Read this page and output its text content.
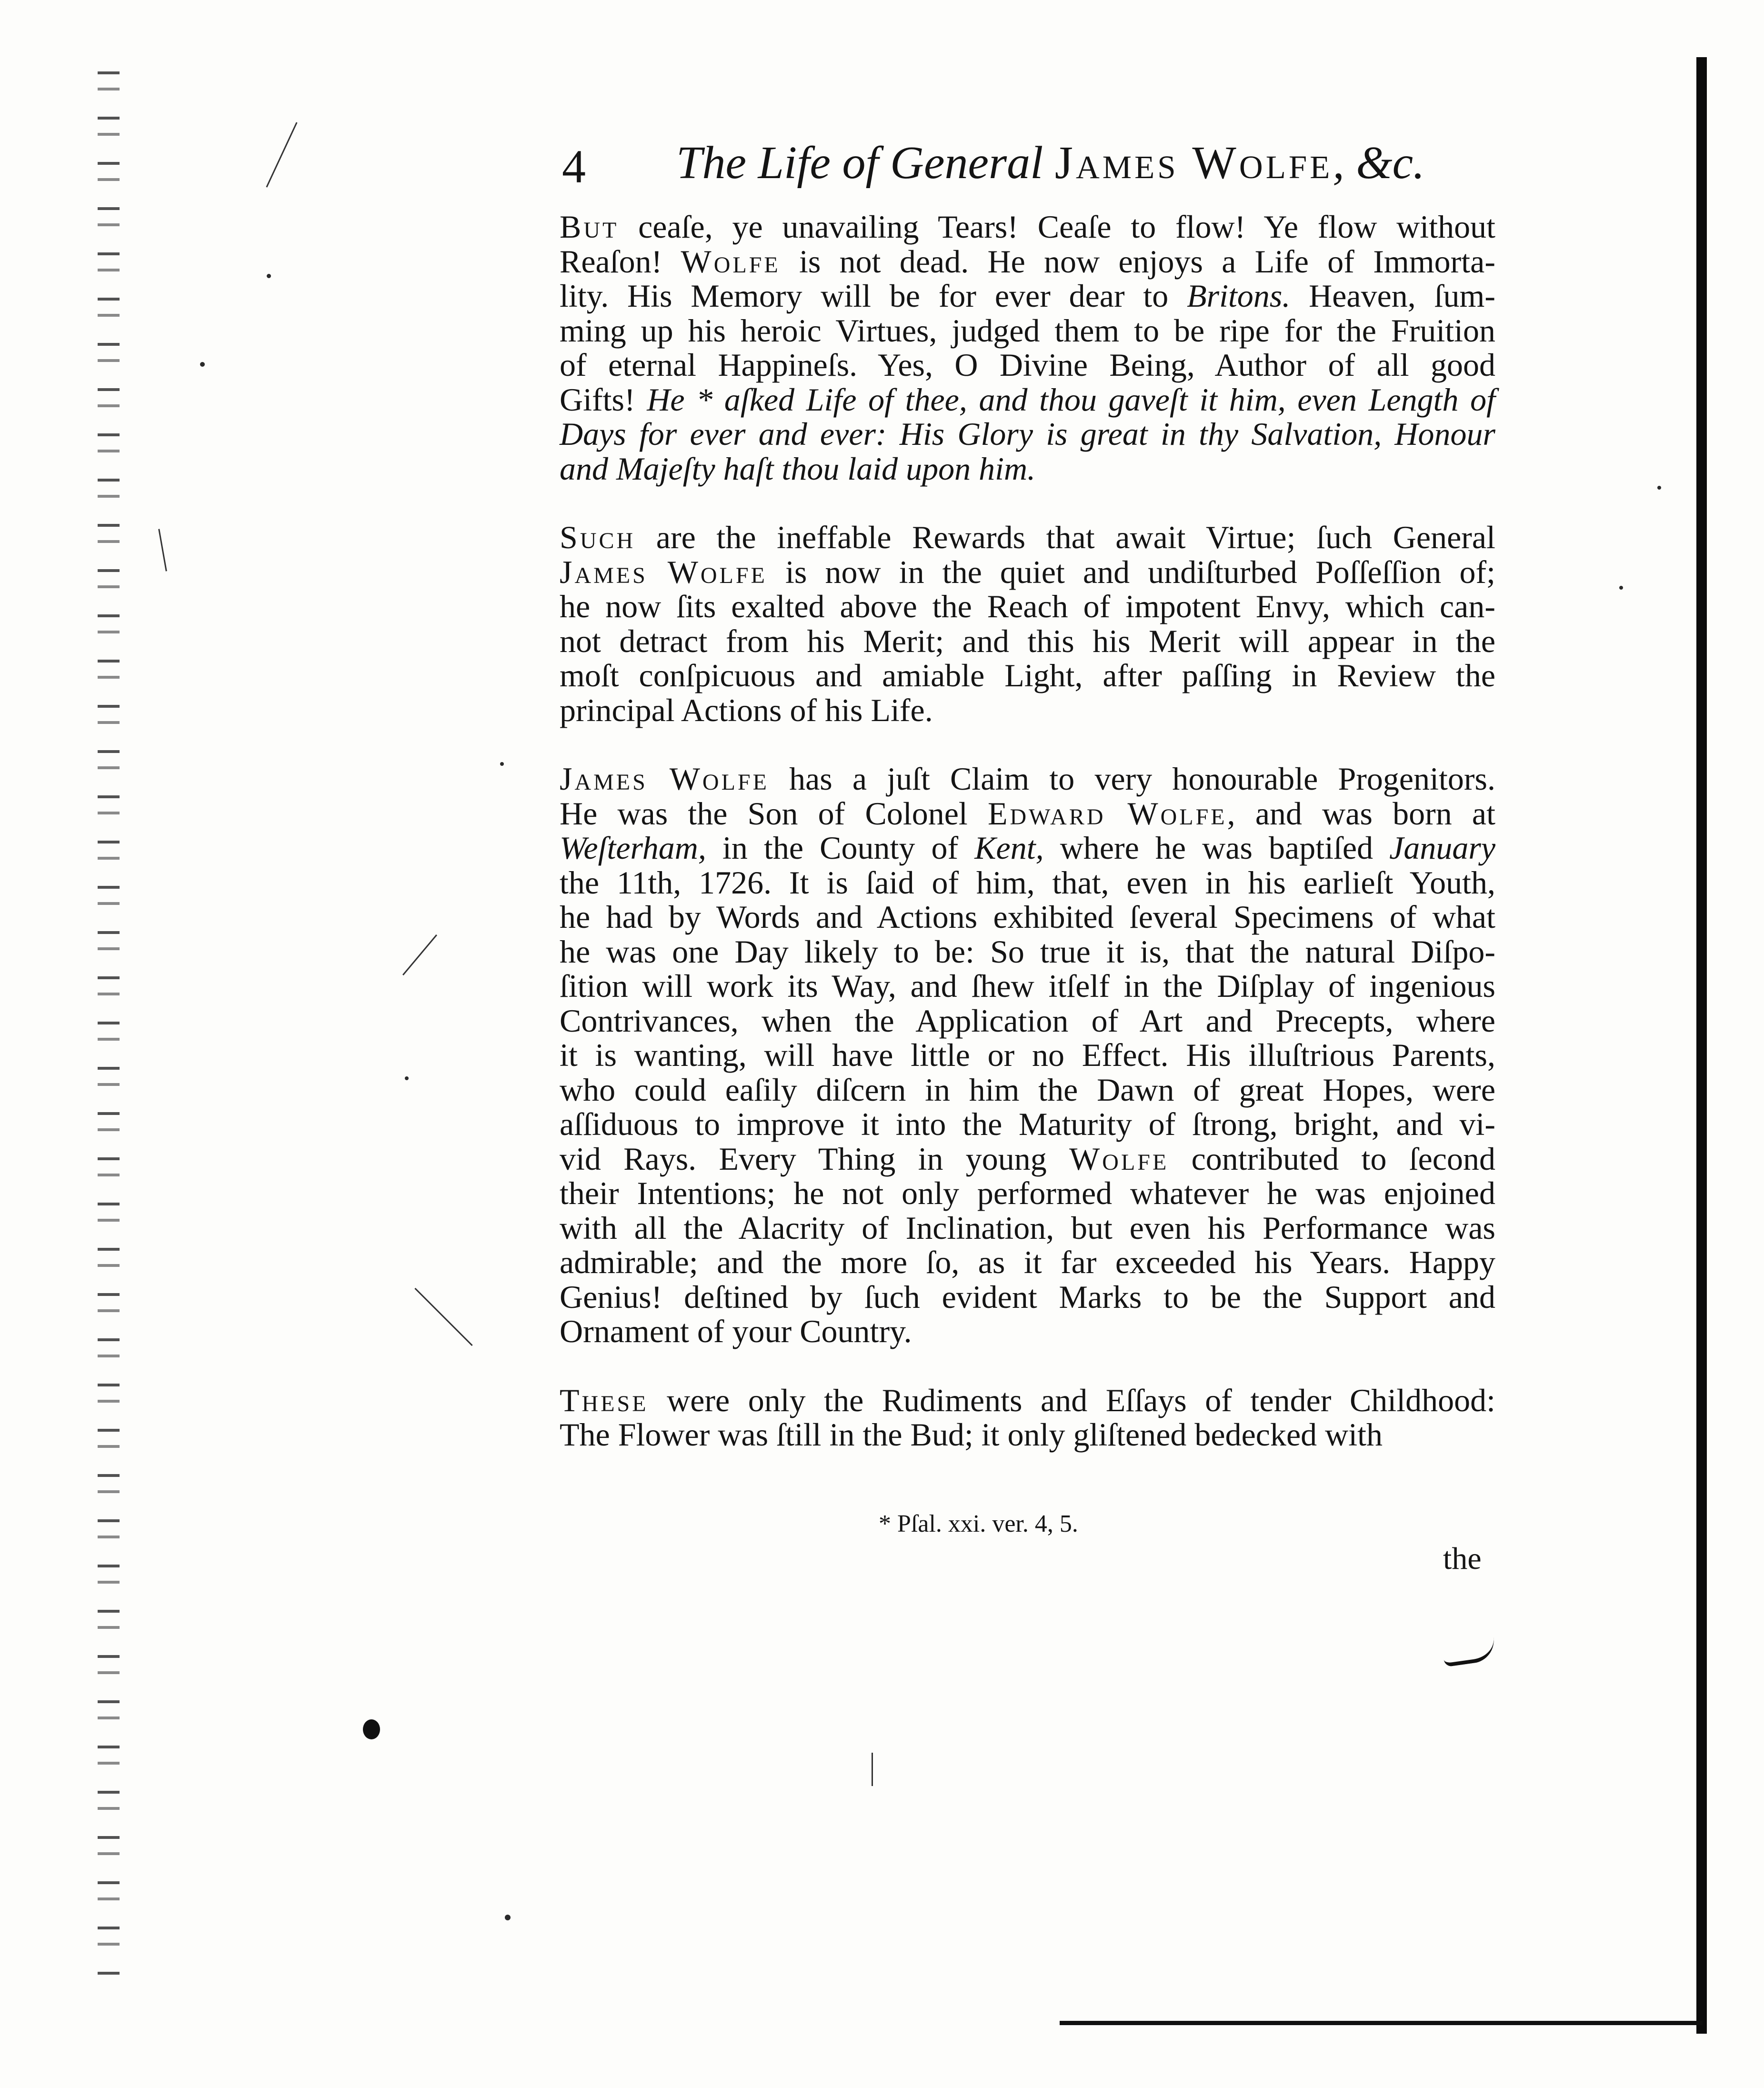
4 The Life of General James Wolfe, &c.
But ceaſe, ye unavailing Tears! Ceaſe to flow! Ye flow without
Reaſon! Wolfe is not dead. He now enjoys a Life of Immorta-
lity. His Memory will be for ever dear to Britons. Heaven, ſum-
ming up his heroic Virtues, judged them to be ripe for the Fruition
of eternal Happineſs. Yes, O Divine Being, Author of all good
Gifts! He * aſked Life of thee, and thou gaveſt it him, even Length of
Days for ever and ever: His Glory is great in thy Salvation, Honour
and Majeſty haſt thou laid upon him.
Such are the ineffable Rewards that await Virtue; ſuch General
James Wolfe is now in the quiet and undiſturbed Poſſeſſion of;
he now ſits exalted above the Reach of impotent Envy, which can-
not detract from his Merit; and this his Merit will appear in the
moſt conſpicuous and amiable Light, after paſſing in Review the
principal Actions of his Life.
James Wolfe has a juſt Claim to very honourable Progenitors.
He was the Son of Colonel Edward Wolfe, and was born at
Weſterham, in the County of Kent, where he was baptiſed January
the 11th, 1726. It is ſaid of him, that, even in his earlieſt Youth,
he had by Words and Actions exhibited ſeveral Specimens of what
he was one Day likely to be: So true it is, that the natural Diſpo-
ſition will work its Way, and ſhew itſelf in the Diſplay of ingenious
Contrivances, when the Application of Art and Precepts, where
it is wanting, will have little or no Effect. His illuſtrious Parents,
who could eaſily diſcern in him the Dawn of great Hopes, were
aſſiduous to improve it into the Maturity of ſtrong, bright, and vi-
vid Rays. Every Thing in young Wolfe contributed to ſecond
their Intentions; he not only performed whatever he was enjoined
with all the Alacrity of Inclination, but even his Performance was
admirable; and the more ſo, as it far exceeded his Years. Happy
Genius! deſtined by ſuch evident Marks to be the Support and
Ornament of your Country.
These were only the Rudiments and Eſſays of tender Childhood:
The Flower was ſtill in the Bud; it only gliſtened bedecked with
* Pſal. xxi. ver. 4, 5.
the
